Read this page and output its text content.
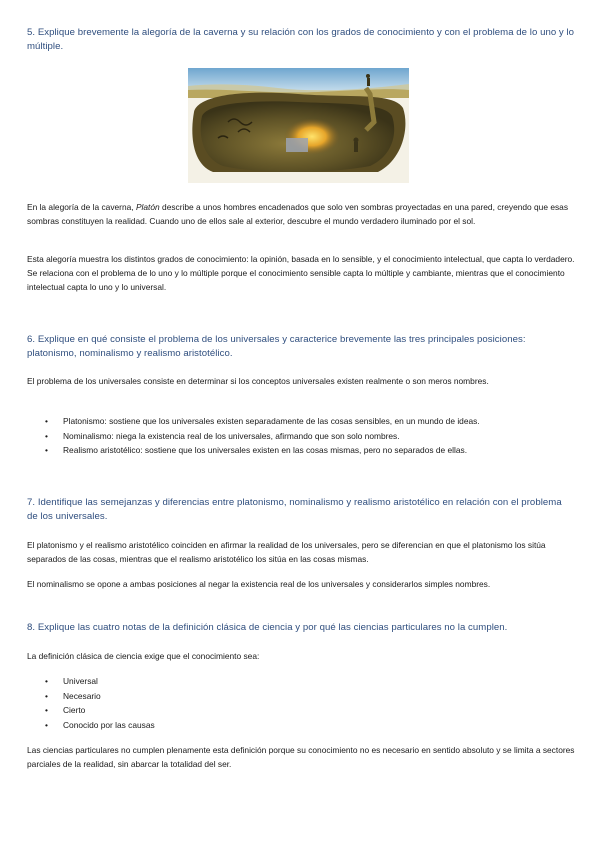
5. Explique brevemente la alegoría de la caverna y su relación con los grados de conocimiento y con el problema de lo uno y lo múltiple.
En la alegoría de la caverna, Platón describe a unos hombres encadenados que solo ven sombras proyectadas en una pared, creyendo que esas sombras constituyen la realidad. Cuando uno de ellos sale al exterior, descubre el mundo verdadero iluminado por el sol.
Esta alegoría muestra los distintos grados de conocimiento: la opinión, basada en lo sensible, y el conocimiento intelectual, que capta lo verdadero. Se relaciona con el problema de lo uno y lo múltiple porque el conocimiento sensible capta lo múltiple y cambiante, mientras que el conocimiento intelectual capta lo uno y lo universal.
6. Explique en qué consiste el problema de los universales y caracterice brevemente las tres principales posiciones: platonismo, nominalismo y realismo aristotélico.
El problema de los universales consiste en determinar si los conceptos universales existen realmente o son meros nombres.
•	Platonismo: sostiene que los universales existen separadamente de las cosas sensibles, en un mundo de ideas.
•	Nominalismo: niega la existencia real de los universales, afirmando que son solo nombres.
•	Realismo aristotélico: sostiene que los universales existen en las cosas mismas, pero no separados de ellas.
7. Identifique las semejanzas y diferencias entre platonismo, nominalismo y realismo aristotélico en relación con el problema de los universales.
El platonismo y el realismo aristotélico coinciden en afirmar la realidad de los universales, pero se diferencian en que el platonismo los sitúa separados de las cosas, mientras que el realismo aristotélico los sitúa en las cosas mismas.
El nominalismo se opone a ambas posiciones al negar la existencia real de los universales y considerarlos simples nombres.
8. Explique las cuatro notas de la definición clásica de ciencia y por qué las ciencias particulares no la cumplen.
La definición clásica de ciencia exige que el conocimiento sea:
•	Universal
•	Necesario
•	Cierto
•	Conocido por las causas
Las ciencias particulares no cumplen plenamente esta definición porque su conocimiento no es necesario en sentido absoluto y se limita a sectores parciales de la realidad, sin abarcar la totalidad del ser.
